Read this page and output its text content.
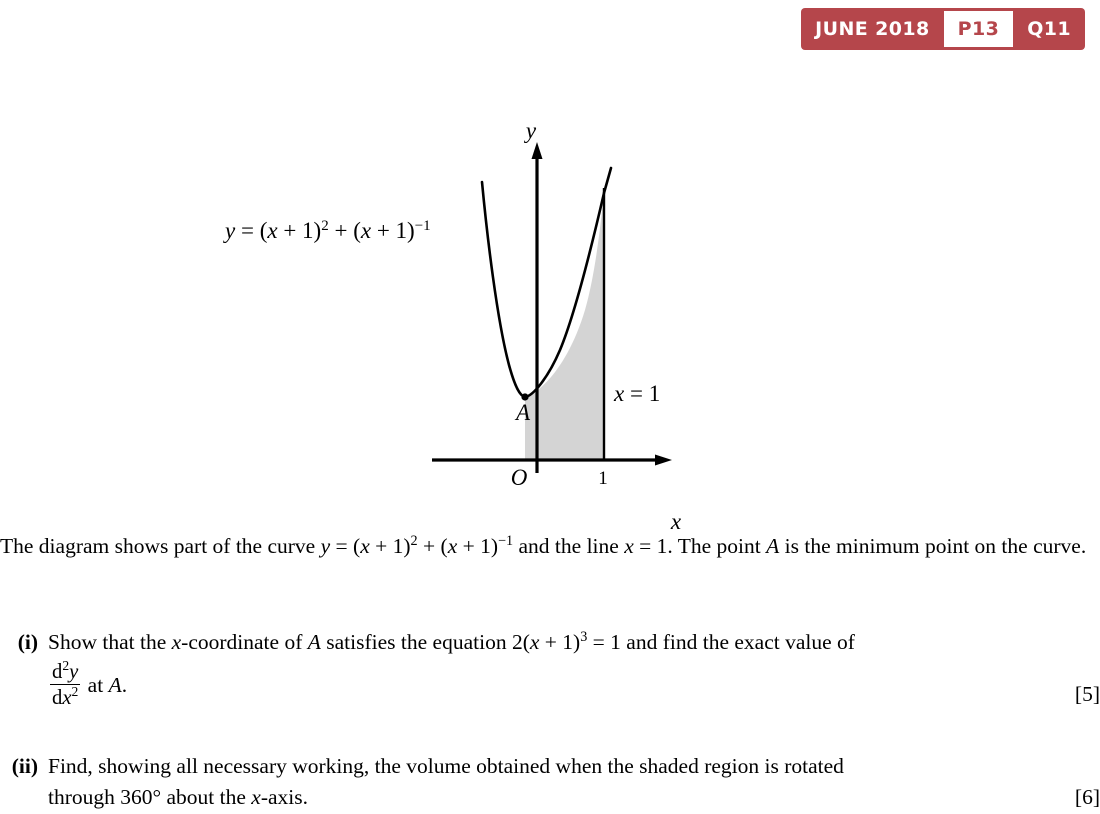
JUNE 2018	P13	Q11
y
x
O
A
1
x = 1
$y = (x + 1)^2 + (x + 1)^{-1}$
The diagram shows part of the curve $y = (x + 1)^2 + (x + 1)^{-1}$ and the line x = 1. The point A is the minimum point on the curve.
(i) Show that the x-coordinate of A satisfies the equation $2(x + 1)^3 = 1$ and find the exact value of
$\frac{d^2y}{dx^2}$ at A.	[5]
(ii) Find, showing all necessary working, the volume obtained when the shaded region is rotated
through 360° about the x-axis.	[6]
